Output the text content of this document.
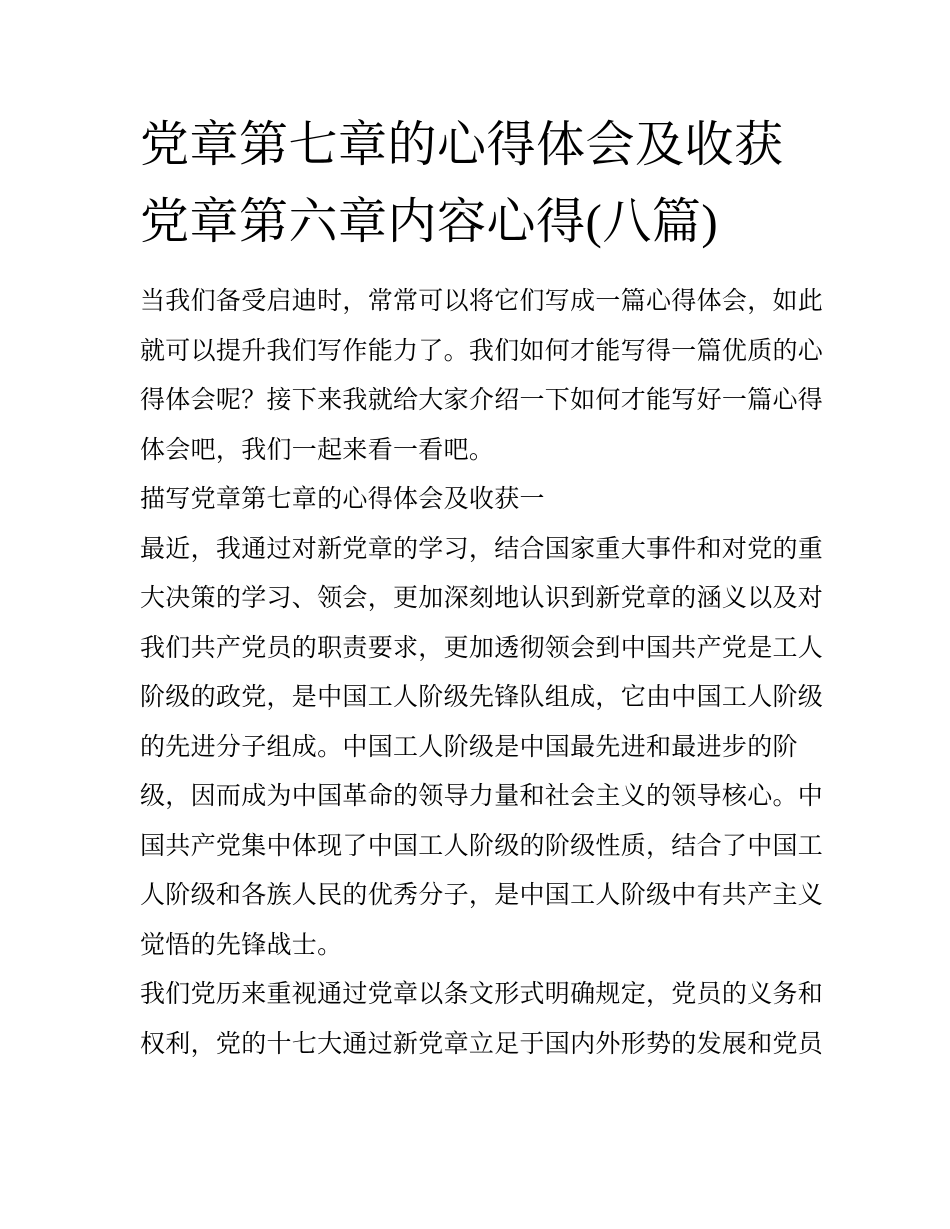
党章第七章的心得体会及收获
党章第六章内容心得(八篇)
当我们备受启迪时，常常可以将它们写成一篇心得体会，如此
就可以提升我们写作能力了。我们如何才能写得一篇优质的心
得体会呢？接下来我就给大家介绍一下如何才能写好一篇心得
体会吧，我们一起来看一看吧。
描写党章第七章的心得体会及收获一
最近，我通过对新党章的学习，结合国家重大事件和对党的重
大决策的学习、领会，更加深刻地认识到新党章的涵义以及对
我们共产党员的职责要求，更加透彻领会到中国共产党是工人
阶级的政党，是中国工人阶级先锋队组成，它由中国工人阶级
的先进分子组成。中国工人阶级是中国最先进和最进步的阶
级，因而成为中国革命的领导力量和社会主义的领导核心。中
国共产党集中体现了中国工人阶级的阶级性质，结合了中国工
人阶级和各族人民的优秀分子，是中国工人阶级中有共产主义
觉悟的先锋战士。
我们党历来重视通过党章以条文形式明确规定，党员的义务和
权利，党的十七大通过新党章立足于国内外形势的发展和党员
